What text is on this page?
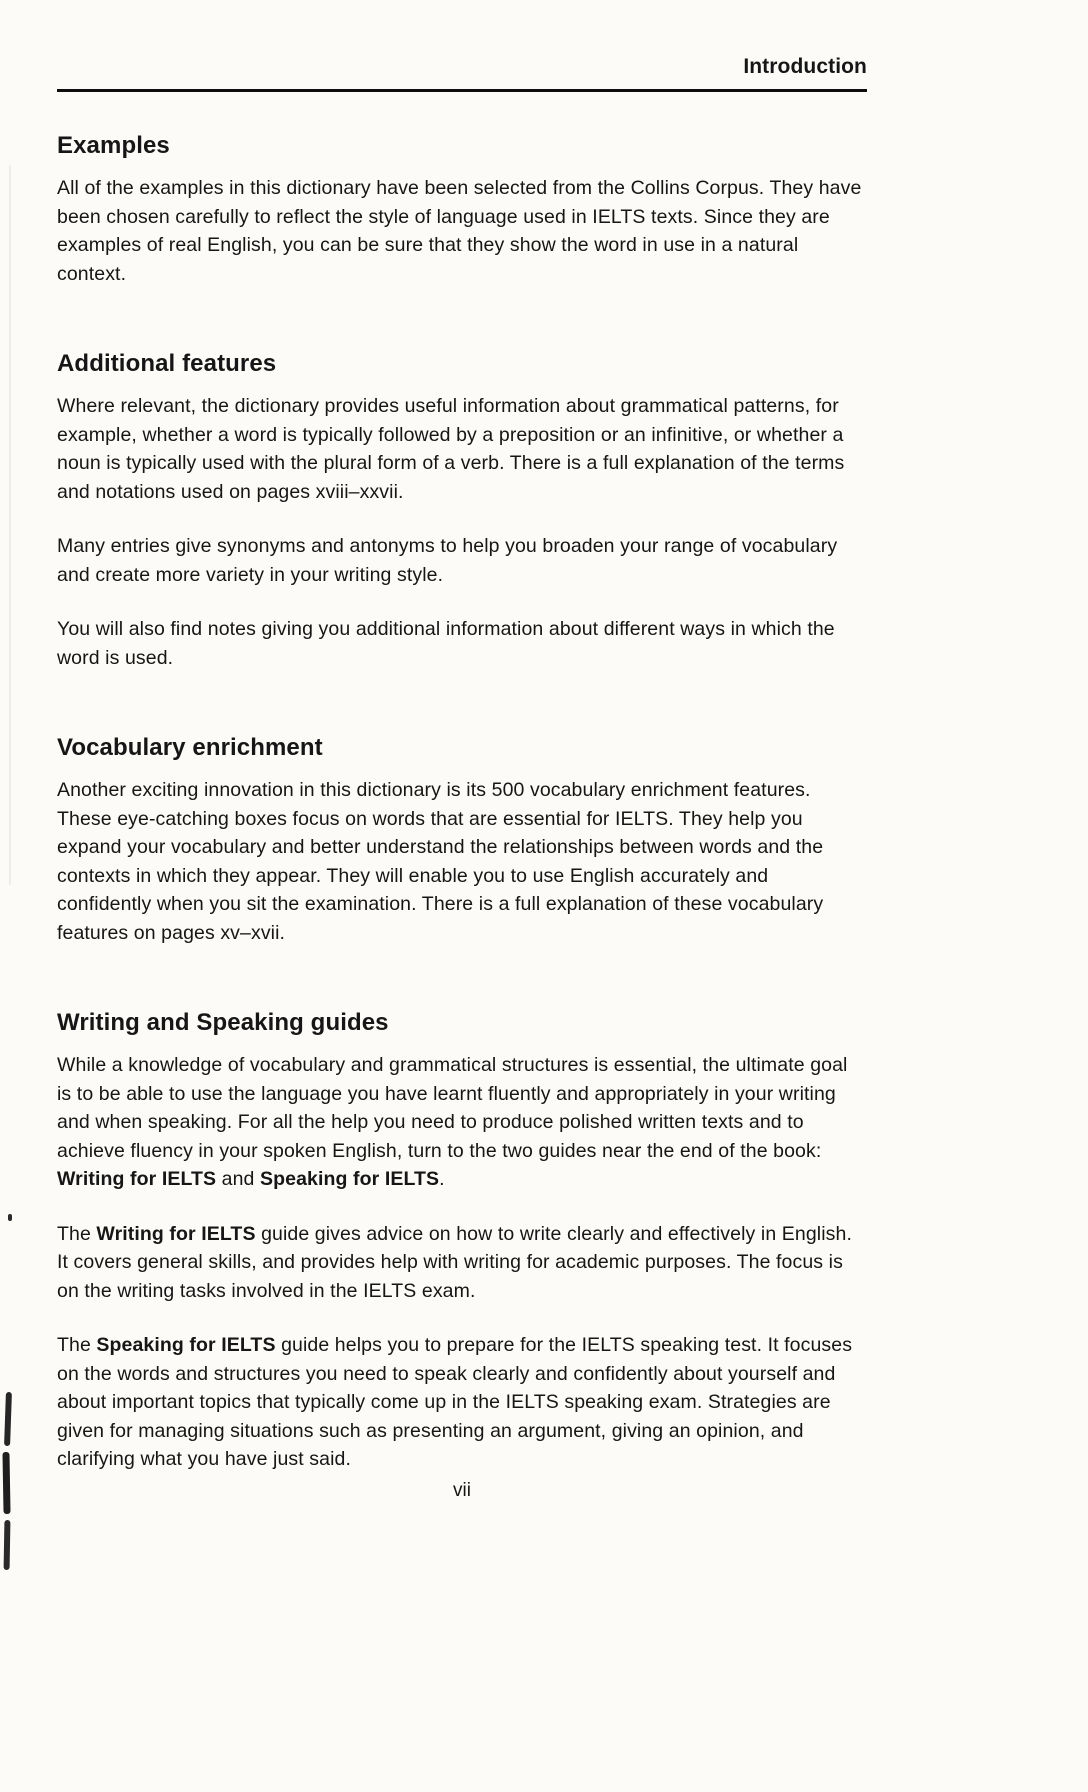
Introduction
Examples

All of the examples in this dictionary have been selected from the Collins Corpus. They have been chosen carefully to reflect the style of language used in IELTS texts. Since they are examples of real English, you can be sure that they show the word in use in a natural context.

Additional features

Where relevant, the dictionary provides useful information about grammatical patterns, for example, whether a word is typically followed by a preposition or an infinitive, or whether a noun is typically used with the plural form of a verb. There is a full explanation of the terms and notations used on pages xviii–xxvii.

Many entries give synonyms and antonyms to help you broaden your range of vocabulary and create more variety in your writing style.

You will also find notes giving you additional information about different ways in which the word is used.

Vocabulary enrichment

Another exciting innovation in this dictionary is its 500 vocabulary enrichment features. These eye-catching boxes focus on words that are essential for IELTS. They help you expand your vocabulary and better understand the relationships between words and the contexts in which they appear. They will enable you to use English accurately and confidently when you sit the examination. There is a full explanation of these vocabulary features on pages xv–xvii.

Writing and Speaking guides

While a knowledge of vocabulary and grammatical structures is essential, the ultimate goal is to be able to use the language you have learnt fluently and appropriately in your writing and when speaking. For all the help you need to produce polished written texts and to achieve fluency in your spoken English, turn to the two guides near the end of the book: Writing for IELTS and Speaking for IELTS.

The Writing for IELTS guide gives advice on how to write clearly and effectively in English. It covers general skills, and provides help with writing for academic purposes. The focus is on the writing tasks involved in the IELTS exam.

The Speaking for IELTS guide helps you to prepare for the IELTS speaking test. It focuses on the words and structures you need to speak clearly and confidently about yourself and about important topics that typically come up in the IELTS speaking exam. Strategies are given for managing situations such as presenting an argument, giving an opinion, and clarifying what you have just said.

vii
